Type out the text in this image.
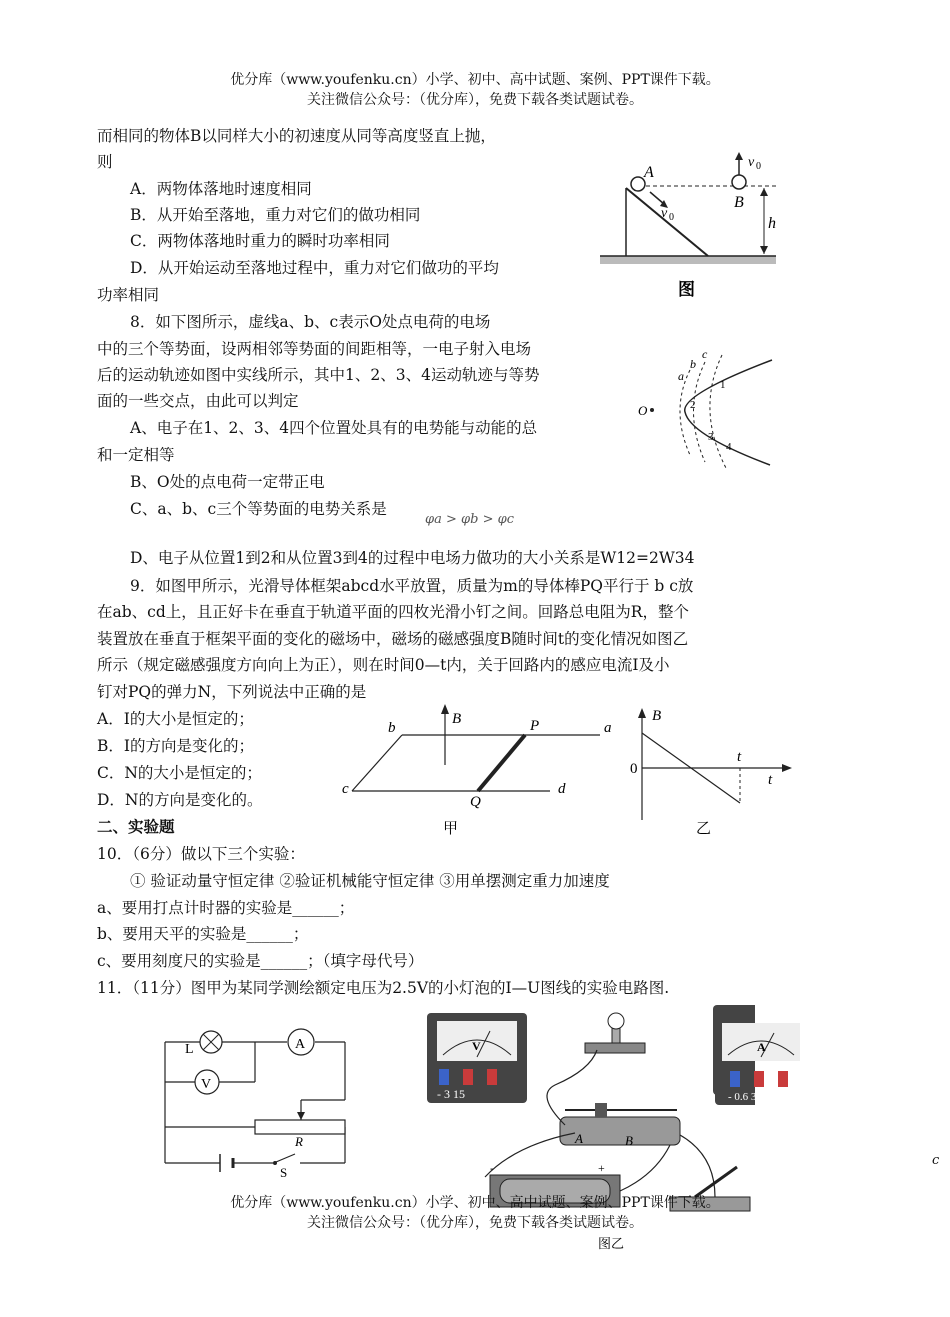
优分库（www.youfenku.cn）小学、初中、高中试题、案例、PPT课件下载。
关注微信公众号：（优分库），免费下载各类试题试卷。
而相同的物体B以同样大小的初速度从同等高度竖直上抛，
则
A．两物体落地时速度相同
B．从开始至落地，重力对它们的做功相同
C．两物体落地时重力的瞬时功率相同
D．从开始运动至落地过程中，重力对它们做功的平均
功率相同
A
B
v 0
v 0	h
图
8．如下图所示，虚线a、b、c表示O处点电荷的电场
中的三个等势面，设两相邻等势面的间距相等，一电子射入电场
后的运动轨迹如图中实线所示，其中1、2、3、4运动轨迹与等势
面的一些交点，由此可以判定
A、电子在1、2、3、4四个位置处具有的电势能与动能的总
和一定相等
B、O处的点电荷一定带正电
C、a、b、c三个等势面的电势关系是
φa > φb > φc
D、电子从位置1到2和从位置3到4的过程中电场力做功的大小关系是W12=2W34
O
a
b
c
1
2
3
4
9．如图甲所示，光滑导体框架abcd水平放置，质量为m的导体棒PQ平行于 b c放
在ab、cd上，且正好卡在垂直于轨道平面的四枚光滑小钉之间。回路总电阻为R，整个
装置放在垂直于框架平面的变化的磁场中，磁场的磁感强度B随时间t的变化情况如图乙
所示（规定磁感强度方向向上为正），则在时间0—t内，关于回路内的感应电流I及小
钉对PQ的弹力N，下列说法中正确的是
A．I的大小是恒定的；
B．I的方向是变化的；
C．N的大小是恒定的；
D．N的方向是变化的。
b	a
c	d
P
Q
B
甲
B
0
t
t
乙
二、实验题
10．（6分）做以下三个实验：
① 验证动量守恒定律 ②验证机械能守恒定律 ③用单摆测定重力加速度
a、要用打点计时器的实验是______；
b、要用天平的实验是______；
c、要用刻度尺的实验是______；（填字母代号）
11．（11分）图甲为某同学测绘额定电压为2.5V的小灯泡的I—U图线的实验电路图.
L	A
V
R
S
V
- 3 15
A	B
-	+
图乙
A
- 0.6 3
c
优分库（www.youfenku.cn）小学、初中、高中试题、案例、PPT课件下载。
关注微信公众号：（优分库），免费下载各类试题试卷。
